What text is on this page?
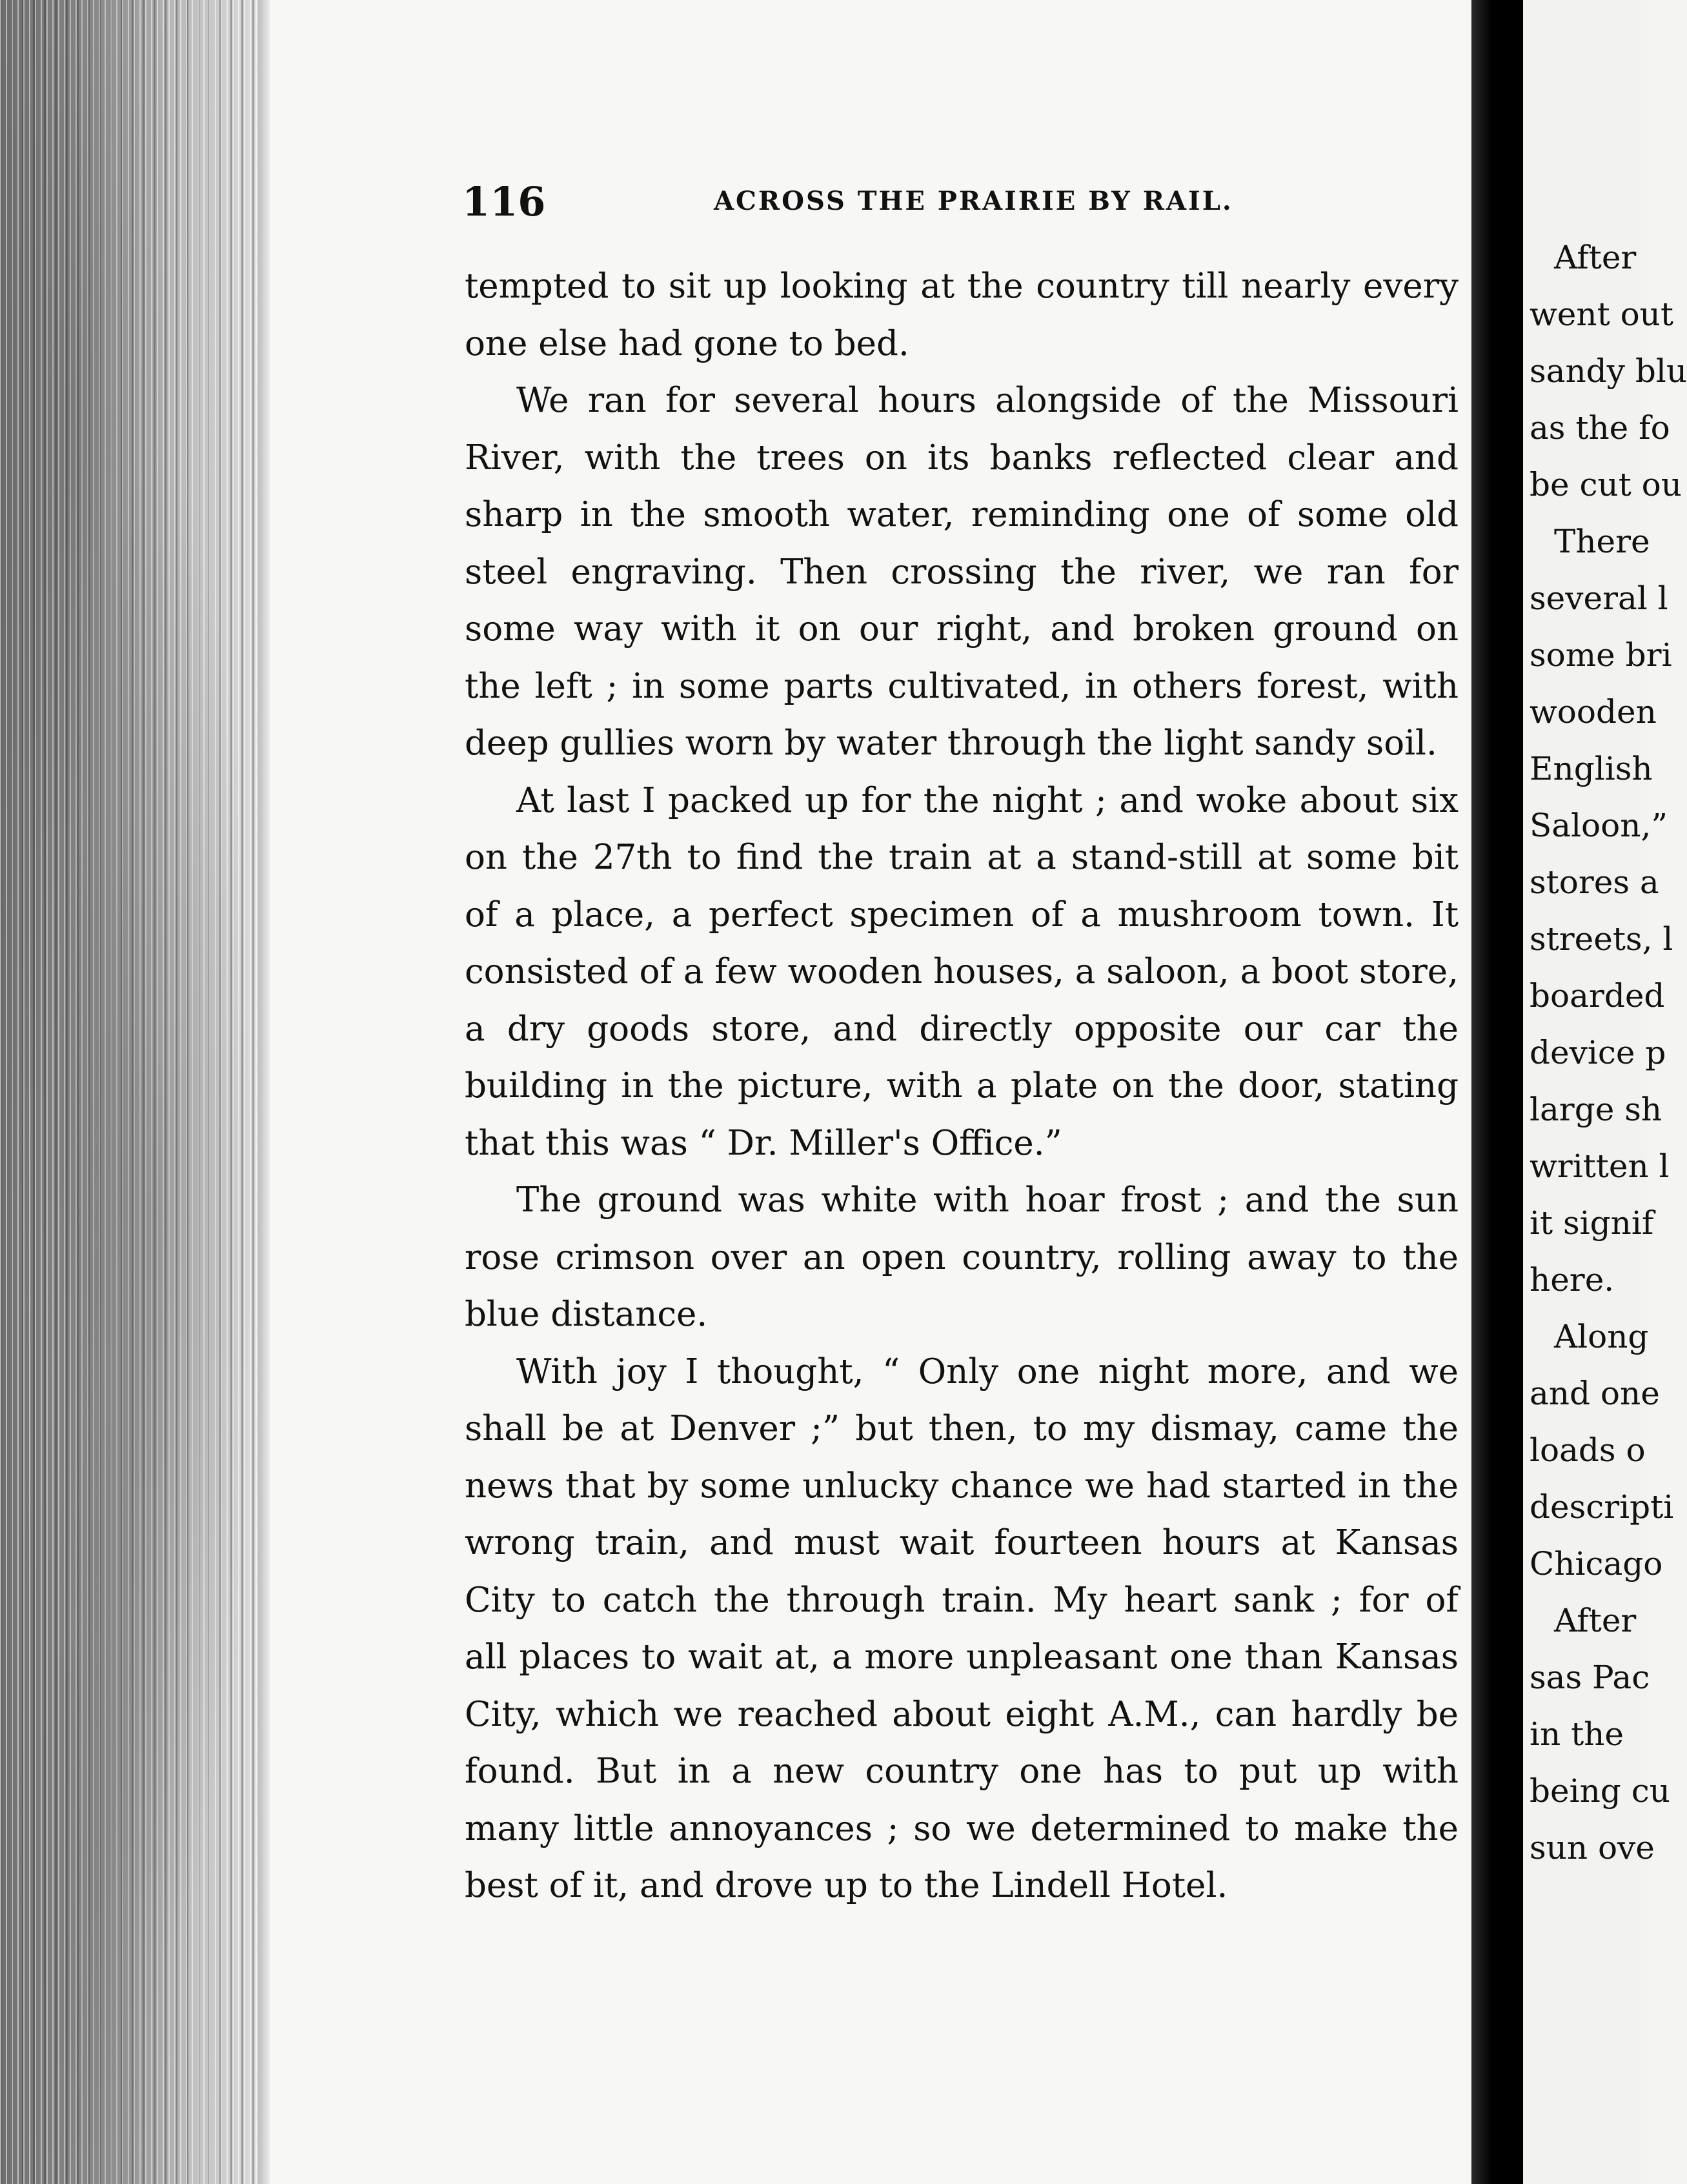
116	ACROSS THE PRAIRIE BY RAIL.
tempted to sit up looking at the country till nearly every
one else had gone to bed.
We ran for several hours alongside of the Missouri
River, with the trees on its banks reflected clear and
sharp in the smooth water, reminding one of some old
steel engraving. Then crossing the river, we ran for
some way with it on our right, and broken ground on
the left ; in some parts cultivated, in others forest, with
deep gullies worn by water through the light sandy soil.
At last I packed up for the night ; and woke about six
on the 27th to find the train at a stand-still at some bit
of a place, a perfect specimen of a mushroom town. It
consisted of a few wooden houses, a saloon, a boot store,
a dry goods store, and directly opposite our car the
building in the picture, with a plate on the door, stating
that this was “ Dr. Miller's Office.”
The ground was white with hoar frost ; and the sun
rose crimson over an open country, rolling away to the
blue distance.
With joy I thought, “ Only one night more, and we
shall be at Denver ;” but then, to my dismay, came the
news that by some unlucky chance we had started in the
wrong train, and must wait fourteen hours at Kansas
City to catch the through train. My heart sank ; for of
all places to wait at, a more unpleasant one than Kansas
City, which we reached about eight A.M., can hardly be
found. But in a new country one has to put up with
many little annoyances ; so we determined to make the
best of it, and drove up to the Lindell Hotel.
After
went out
sandy blu
as the fo
be cut ou
There
several l
some bri
wooden
English
Saloon,”
stores a
streets, l
boarded
device p
large sh
written l
it signif
here.
Along
and one
loads o
descripti
Chicago
After
sas Pac
in the
being cu
sun ove
